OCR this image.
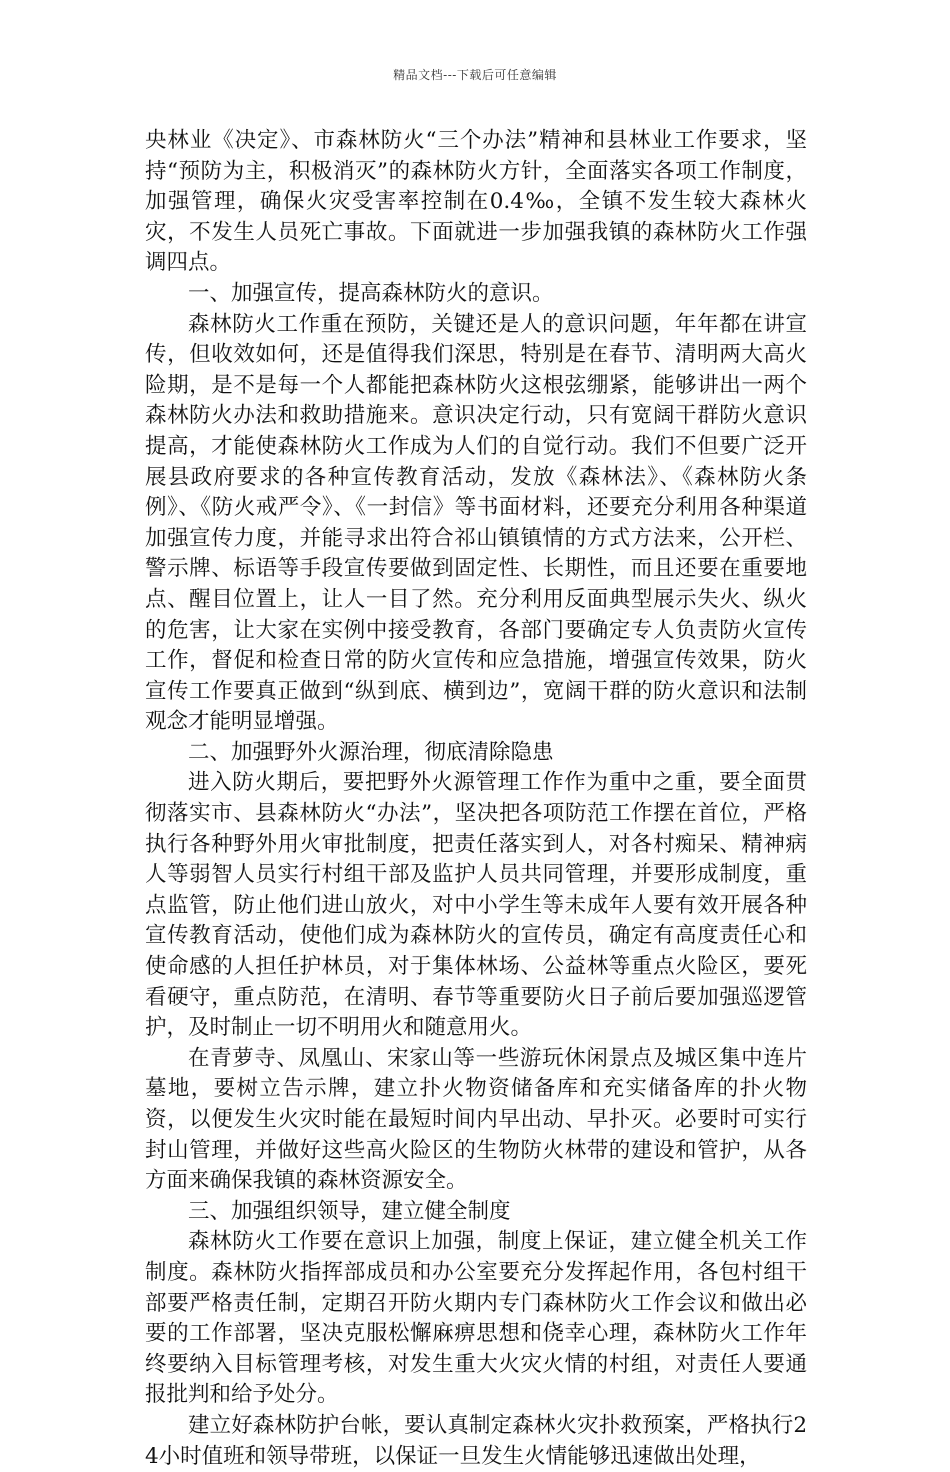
精品文档---下载后可任意编辑

央林业《决定》、市森林防火“三个办法”精神和县林业工作要求，坚持“预防为主，积极消灭”的森林防火方针，全面落实各项工作制度，加强管理，确保火灾受害率控制在0.4‰，全镇不发生较大森林火灾，不发生人员死亡事故。下面就进一步加强我镇的森林防火工作强调四点。

一、加强宣传，提高森林防火的意识。

森林防火工作重在预防，关键还是人的意识问题，年年都在讲宣传，但收效如何，还是值得我们深思，特别是在春节、清明两大高火险期，是不是每一个人都能把森林防火这根弦绷紧，能够讲出一两个森林防火办法和救助措施来。意识决定行动，只有宽阔干群防火意识提高，才能使森林防火工作成为人们的自觉行动。我们不但要广泛开展县政府要求的各种宣传教育活动，发放《森林法》、《森林防火条例》、《防火戒严令》、《一封信》等书面材料，还要充分利用各种渠道加强宣传力度，并能寻求出符合祁山镇镇情的方式方法来，公开栏、警示牌、标语等手段宣传要做到固定性、长期性，而且还要在重要地点、醒目位置上，让人一目了然。充分利用反面典型展示失火、纵火的危害，让大家在实例中接受教育，各部门要确定专人负责防火宣传工作，督促和检查日常的防火宣传和应急措施，增强宣传效果，防火宣传工作要真正做到“纵到底、横到边”，宽阔干群的防火意识和法制观念才能明显增强。

二、加强野外火源治理，彻底清除隐患

进入防火期后，要把野外火源管理工作作为重中之重，要全面贯彻落实市、县森林防火“办法”，坚决把各项防范工作摆在首位，严格执行各种野外用火审批制度，把责任落实到人，对各村痴呆、精神病人等弱智人员实行村组干部及监护人员共同管理，并要形成制度，重点监管，防止他们进山放火，对中小学生等未成年人要有效开展各种宣传教育活动，使他们成为森林防火的宣传员，确定有高度责任心和使命感的人担任护林员，对于集体林场、公益林等重点火险区，要死看硬守，重点防范，在清明、春节等重要防火日子前后要加强巡逻管护，及时制止一切不明用火和随意用火。

在青萝寺、凤凰山、宋家山等一些游玩休闲景点及城区集中连片墓地，要树立告示牌，建立扑火物资储备库和充实储备库的扑火物资，以便发生火灾时能在最短时间内早出动、早扑灭。必要时可实行封山管理，并做好这些高火险区的生物防火林带的建设和管护，从各方面来确保我镇的森林资源安全。

三、加强组织领导，建立健全制度

森林防火工作要在意识上加强，制度上保证，建立健全机关工作制度。森林防火指挥部成员和办公室要充分发挥起作用，各包村组干部要严格责任制，定期召开防火期内专门森林防火工作会议和做出必要的工作部署，坚决克服松懈麻痹思想和侥幸心理，森林防火工作年终要纳入目标管理考核，对发生重大火灾火情的村组，对责任人要通报批判和给予处分。

建立好森林防护台帐，要认真制定森林火灾扑救预案，严格执行24小时值班和领导带班，以保证一旦发生火情能够迅速做出处理，
